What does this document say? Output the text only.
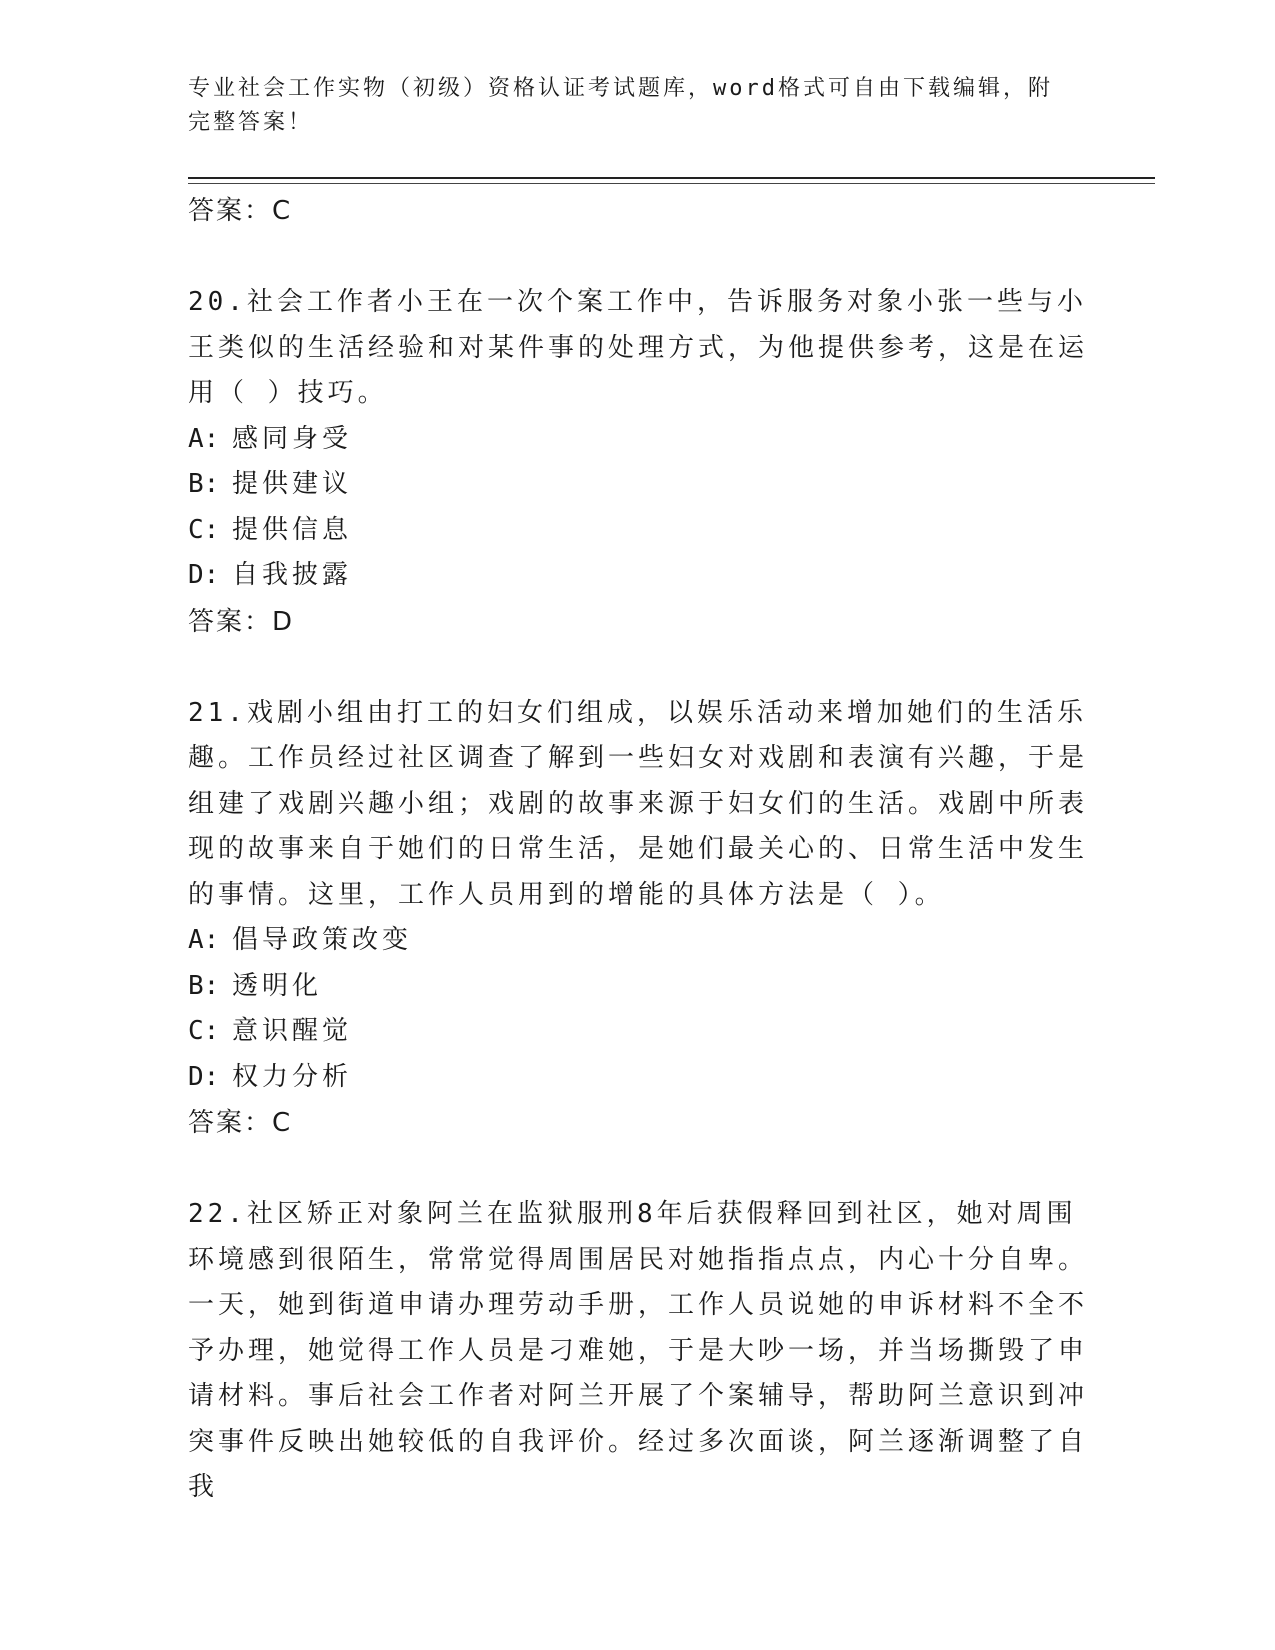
专业社会工作实物（初级）资格认证考试题库，word格式可自由下载编辑，附完整答案！
答案：C

20.社会工作者小王在一次个案工作中，告诉服务对象小张一些与小王类似的生活经验和对某件事的处理方式，为他提供参考，这是在运用（ ）技巧。

A: 感同身受
B: 提供建议
C: 提供信息
D: 自我披露
答案：D

21.戏剧小组由打工的妇女们组成，以娱乐活动来增加她们的生活乐趣。工作员经过社区调查了解到一些妇女对戏剧和表演有兴趣，于是组建了戏剧兴趣小组；戏剧的故事来源于妇女们的生活。戏剧中所表现的故事来自于她们的日常生活，是她们最关心的、日常生活中发生的事情。这里，工作人员用到的增能的具体方法是（ ）。

A: 倡导政策改变
B: 透明化
C: 意识醒觉
D: 权力分析
答案：C

22.社区矫正对象阿兰在监狱服刑8年后获假释回到社区，她对周围环境感到很陌生，常常觉得周围居民对她指指点点，内心十分自卑。一天，她到街道申请办理劳动手册，工作人员说她的申诉材料不全不予办理，她觉得工作人员是刁难她，于是大吵一场，并当场撕毁了申请材料。事后社会工作者对阿兰开展了个案辅导，帮助阿兰意识到冲突事件反映出她较低的自我评价。经过多次面谈，阿兰逐渐调整了自我
